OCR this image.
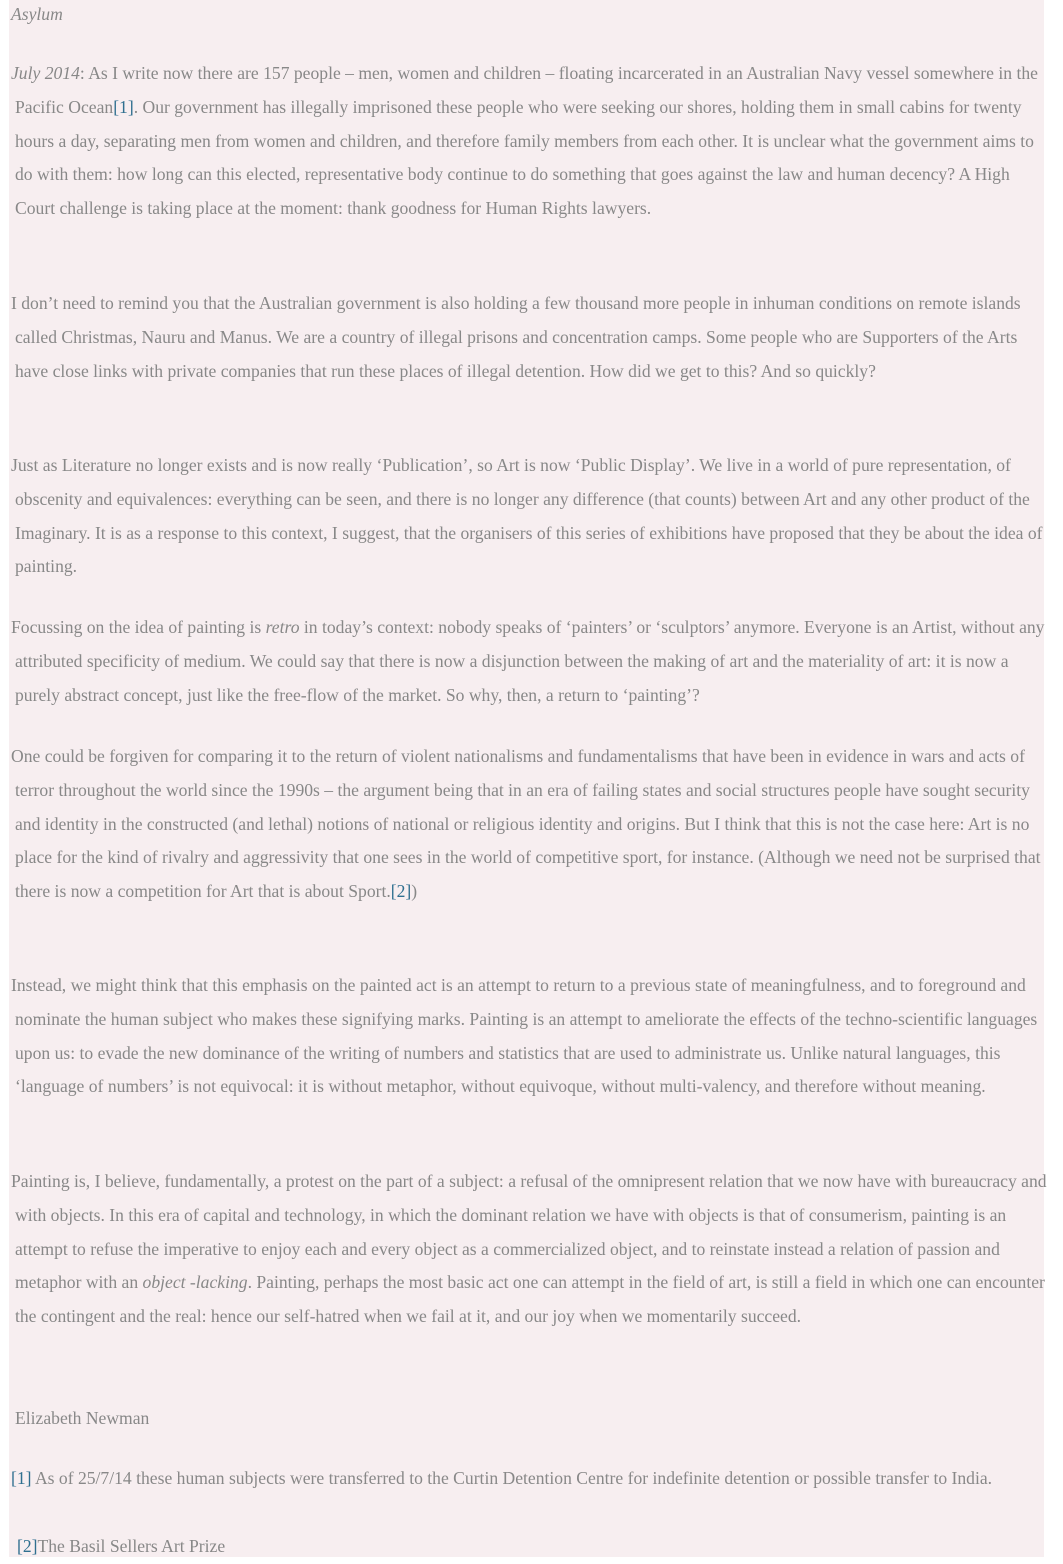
Asylum

July 2014: As I write now there are 157 people – men, women and children – floating incarcerated in an Australian Navy vessel somewhere in the Pacific Ocean[1]. Our government has illegally imprisoned these people who were seeking our shores, holding them in small cabins for twenty hours a day, separating men from women and children, and therefore family members from each other. It is unclear what the government aims to do with them: how long can this elected, representative body continue to do something that goes against the law and human decency? A High Court challenge is taking place at the moment: thank goodness for Human Rights lawyers.

I don’t need to remind you that the Australian government is also holding a few thousand more people in inhuman conditions on remote islands called Christmas, Nauru and Manus. We are a country of illegal prisons and concentration camps. Some people who are Supporters of the Arts have close links with private companies that run these places of illegal detention. How did we get to this? And so quickly?

Just as Literature no longer exists and is now really ‘Publication’, so Art is now ‘Public Display’. We live in a world of pure representation, of obscenity and equivalences: everything can be seen, and there is no longer any difference (that counts) between Art and any other product of the Imaginary. It is as a response to this context, I suggest, that the organisers of this series of exhibitions have proposed that they be about the idea of painting.

Focussing on the idea of painting is retro in today’s context: nobody speaks of ‘painters’ or ‘sculptors’ anymore. Everyone is an Artist, without any attributed specificity of medium. We could say that there is now a disjunction between the making of art and the materiality of art: it is now a purely abstract concept, just like the free-flow of the market. So why, then, a return to ‘painting’?

One could be forgiven for comparing it to the return of violent nationalisms and fundamentalisms that have been in evidence in wars and acts of terror throughout the world since the 1990s – the argument being that in an era of failing states and social structures people have sought security and identity in the constructed (and lethal) notions of national or religious identity and origins. But I think that this is not the case here: Art is no place for the kind of rivalry and aggressivity that one sees in the world of competitive sport, for instance. (Although we need not be surprised that there is now a competition for Art that is about Sport.[2])

Instead, we might think that this emphasis on the painted act is an attempt to return to a previous state of meaningfulness, and to foreground and nominate the human subject who makes these signifying marks. Painting is an attempt to ameliorate the effects of the techno-scientific languages upon us: to evade the new dominance of the writing of numbers and statistics that are used to administrate us. Unlike natural languages, this ‘language of numbers’ is not equivocal: it is without metaphor, without equivoque, without multi-valency, and therefore without meaning.

Painting is, I believe, fundamentally, a protest on the part of a subject: a refusal of the omnipresent relation that we now have with bureaucracy and with objects. In this era of capital and technology, in which the dominant relation we have with objects is that of consumerism, painting is an attempt to refuse the imperative to enjoy each and every object as a commercialized object, and to reinstate instead a relation of passion and metaphor with an object -lacking. Painting, perhaps the most basic act one can attempt in the field of art, is still a field in which one can encounter the contingent and the real: hence our self-hatred when we fail at it, and our joy when we momentarily succeed.

Elizabeth Newman

[1] As of 25/7/14 these human subjects were transferred to the Curtin Detention Centre for indefinite detention or possible transfer to India.

[2]The Basil Sellers Art Prize
